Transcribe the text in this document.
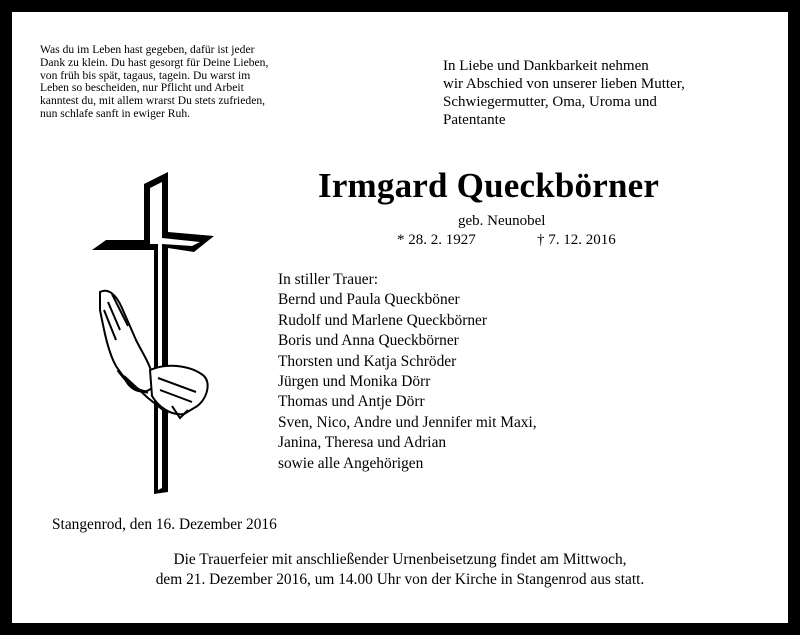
Was du im Leben hast gegeben, dafür ist jeder
Dank zu klein. Du hast gesorgt für Deine Lieben,
von früh bis spät, tagaus, tagein. Du warst im
Leben so bescheiden, nur Pflicht und Arbeit
kanntest du, mit allem wrarst Du stets zufrieden,
nun schlafe sanft in ewiger Ruh.
In Liebe und Dankbarkeit nehmen
wir Abschied von unserer lieben Mutter,
Schwiegermutter, Oma, Uroma und
Patentante
Irmgard Queckbörner
geb. Neunobel
* 28. 2. 1927	† 7. 12. 2016
In stiller Trauer:
Bernd und Paula Queckböner
Rudolf und Marlene Queckbörner
Boris und Anna Queckbörner
Thorsten und Katja Schröder
Jürgen und Monika Dörr
Thomas und Antje Dörr
Sven, Nico, Andre und Jennifer mit Maxi,
Janina, Theresa und Adrian
sowie alle Angehörigen
Stangenrod, den 16. Dezember 2016
Die Trauerfeier mit anschließender Urnenbeisetzung findet am Mittwoch,
dem 21. Dezember 2016, um 14.00 Uhr von der Kirche in Stangenrod aus statt.
